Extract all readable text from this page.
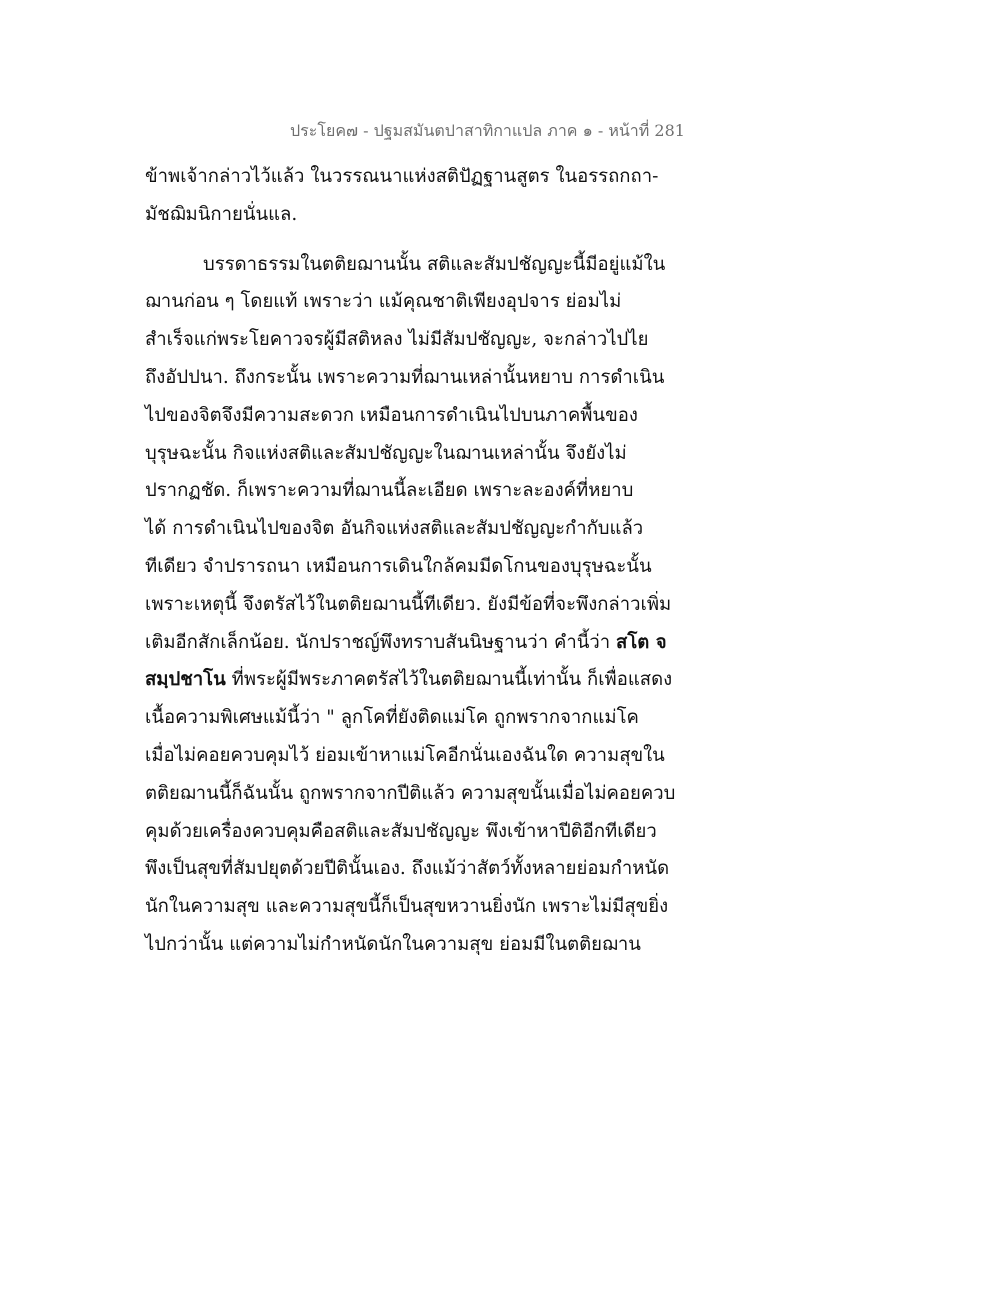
ประโยค๗ - ปฐมสมันตปาสาทิกาแปล ภาค ๑ - หน้าที่ 281
ข้าพเจ้ากล่าวไว้แล้ว ในวรรณนาแห่งสติปัฏฐานสูตร ในอรรถกถา-
มัชฌิมนิกายนั่นแล.
บรรดาธรรมในตติยฌานนั้น สติและสัมปชัญญะนี้มีอยู่แม้ใน
ฌานก่อน ๆ โดยแท้ เพราะว่า แม้คุณชาติเพียงอุปจาร ย่อมไม่
สำเร็จแก่พระโยคาวจรผู้มีสติหลง ไม่มีสัมปชัญญะ, จะกล่าวไปไย
ถึงอัปปนา. ถึงกระนั้น เพราะความที่ฌานเหล่านั้นหยาบ การดำเนิน
ไปของจิตจึงมีความสะดวก เหมือนการดำเนินไปบนภาคพื้นของ
บุรุษฉะนั้น กิจแห่งสติและสัมปชัญญะในฌานเหล่านั้น จึงยังไม่
ปรากฏชัด. ก็เพราะความที่ฌานนี้ละเอียด เพราะละองค์ที่หยาบ
ได้ การดำเนินไปของจิต อันกิจแห่งสติและสัมปชัญญะกำกับแล้ว
ทีเดียว จำปรารถนา เหมือนการเดินใกล้คมมีดโกนของบุรุษฉะนั้น
เพราะเหตุนี้ จึงตรัสไว้ในตติยฌานนี้ทีเดียว. ยังมีข้อที่จะพึงกล่าวเพิ่ม
เติมอีกสักเล็กน้อย. นักปราชญ์พึงทราบสันนิษฐานว่า คำนี้ว่า สโต จ
สมฺปชาโน ที่พระผู้มีพระภาคตรัสไว้ในตติยฌานนี้เท่านั้น ก็เพื่อแสดง
เนื้อความพิเศษแม้นี้ว่า " ลูกโคที่ยังติดแม่โค ถูกพรากจากแม่โค
เมื่อไม่คอยควบคุมไว้ ย่อมเข้าหาแม่โคอีกนั่นเองฉันใด ความสุขใน
ตติยฌานนี้ก็ฉันนั้น ถูกพรากจากปีติแล้ว ความสุขนั้นเมื่อไม่คอยควบ
คุมด้วยเครื่องควบคุมคือสติและสัมปชัญญะ พึงเข้าหาปีติอีกทีเดียว
พึงเป็นสุขที่สัมปยุตด้วยปีตินั้นเอง. ถึงแม้ว่าสัตว์ทั้งหลายย่อมกำหนัด
นักในความสุข และความสุขนี้ก็เป็นสุขหวานยิ่งนัก เพราะไม่มีสุขยิ่ง
ไปกว่านั้น แต่ความไม่กำหนัดนักในความสุข ย่อมมีในตติยฌาน
